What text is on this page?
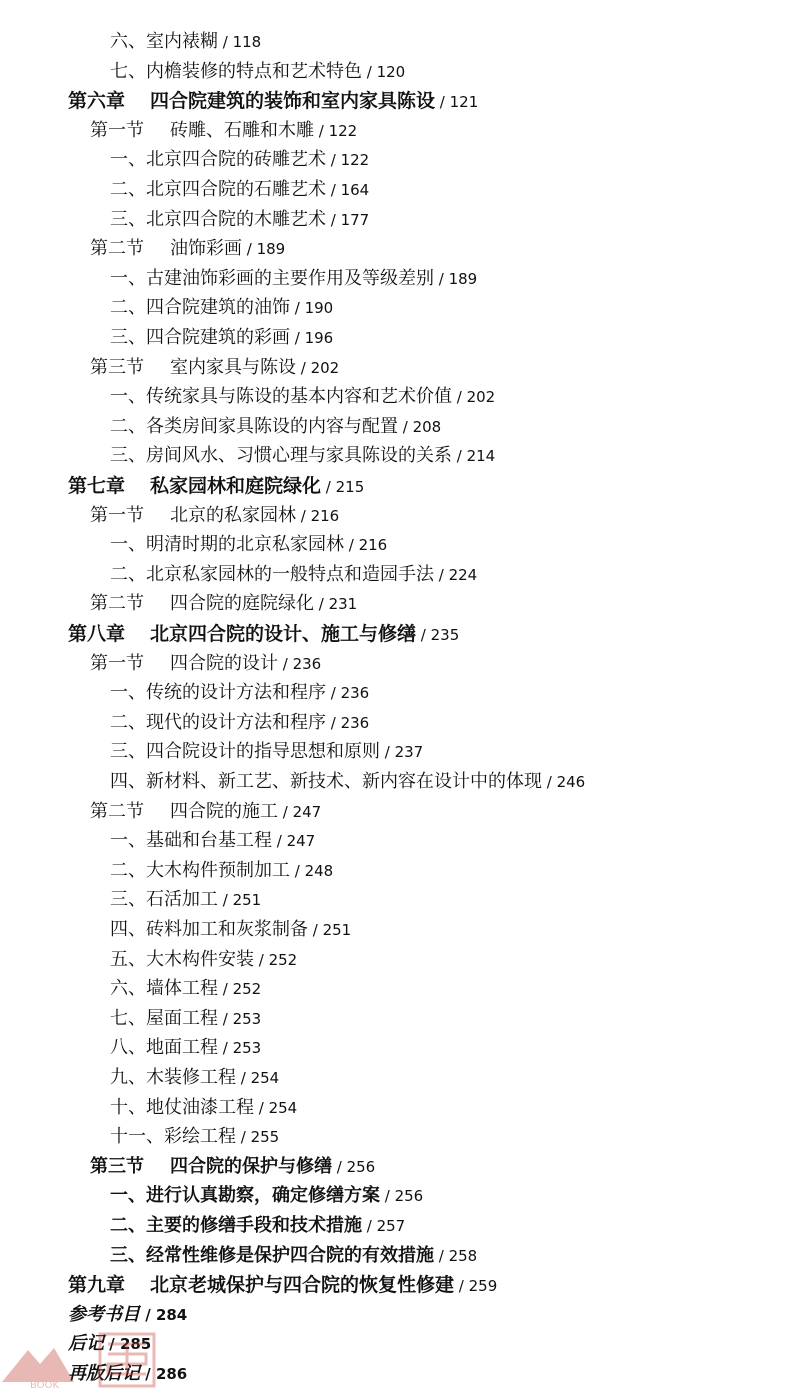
六、室内裱糊 / 118
七、内檐装修的特点和艺术特色 / 120
第六章 四合院建筑的装饰和室内家具陈设 / 121
第一节 砖雕、石雕和木雕 / 122
一、北京四合院的砖雕艺术 / 122
二、北京四合院的石雕艺术 / 164
三、北京四合院的木雕艺术 / 177
第二节 油饰彩画 / 189
一、古建油饰彩画的主要作用及等级差别 / 189
二、四合院建筑的油饰 / 190
三、四合院建筑的彩画 / 196
第三节 室内家具与陈设 / 202
一、传统家具与陈设的基本内容和艺术价值 / 202
二、各类房间家具陈设的内容与配置 / 208
三、房间风水、习惯心理与家具陈设的关系 / 214
第七章 私家园林和庭院绿化 / 215
第一节 北京的私家园林 / 216
一、明清时期的北京私家园林 / 216
二、北京私家园林的一般特点和造园手法 / 224
第二节 四合院的庭院绿化 / 231
第八章 北京四合院的设计、施工与修缮 / 235
第一节 四合院的设计 / 236
一、传统的设计方法和程序 / 236
二、现代的设计方法和程序 / 236
三、四合院设计的指导思想和原则 / 237
四、新材料、新工艺、新技术、新内容在设计中的体现 / 246
第二节 四合院的施工 / 247
一、基础和台基工程 / 247
二、大木构件预制加工 / 248
三、石活加工 / 251
四、砖料加工和灰浆制备 / 251
五、大木构件安装 / 252
六、墙体工程 / 252
七、屋面工程 / 253
八、地面工程 / 253
九、木装修工程 / 254
十、地仗油漆工程 / 254
十一、彩绘工程 / 255
第三节 四合院的保护与修缮 / 256
一、进行认真勘察，确定修缮方案 / 256
二、主要的修缮手段和技术措施 / 257
三、经常性维修是保护四合院的有效措施 / 258
第九章 北京老城保护与四合院的恢复性修建 / 259
参考书目 / 284
后记 / 285
再版后记 / 286
BOOK
